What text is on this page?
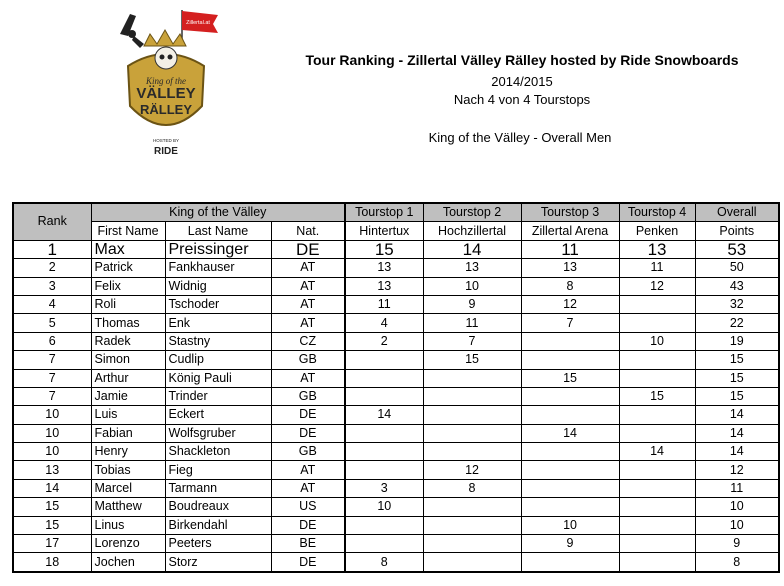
Zillertal.at
King of the
VÄLLEY
RÄLLEY
HOSTED BY
RIDE
Tour Ranking - Zillertal Välley Rälley hosted by Ride Snowboards
2014/2015
Nach 4 von 4 Tourstops
King of the Välley - Overall Men
Rank	King of the Välley			Tourstop 1	Tourstop 2	Tourstop 3	Tourstop 4	Overall
	First Name	Last Name	Nat.	Hintertux	Hochzillertal	Zillertal Arena	Penken	Points
1	Max	Preissinger	DE	15	14	11	13	53
2	Patrick	Fankhauser	AT	13	13	13	11	50
3	Felix	Widnig	AT	13	10	8	12	43
4	Roli	Tschoder	AT	11	9	12		32
5	Thomas	Enk	AT	4	11	7		22
6	Radek	Stastny	CZ	2	7		10	19
7	Simon	Cudlip	GB		15			15
7	Arthur	König Pauli	AT			15		15
7	Jamie	Trinder	GB				15	15
10	Luis	Eckert	DE	14				14
10	Fabian	Wolfsgruber	DE			14		14
10	Henry	Shackleton	GB				14	14
13	Tobias	Fieg	AT		12			12
14	Marcel	Tarmann	AT	3	8			11
15	Matthew	Boudreaux	US	10				10
15	Linus	Birkendahl	DE			10		10
17	Lorenzo	Peeters	BE			9		9
18	Jochen	Storz	DE	8				8
